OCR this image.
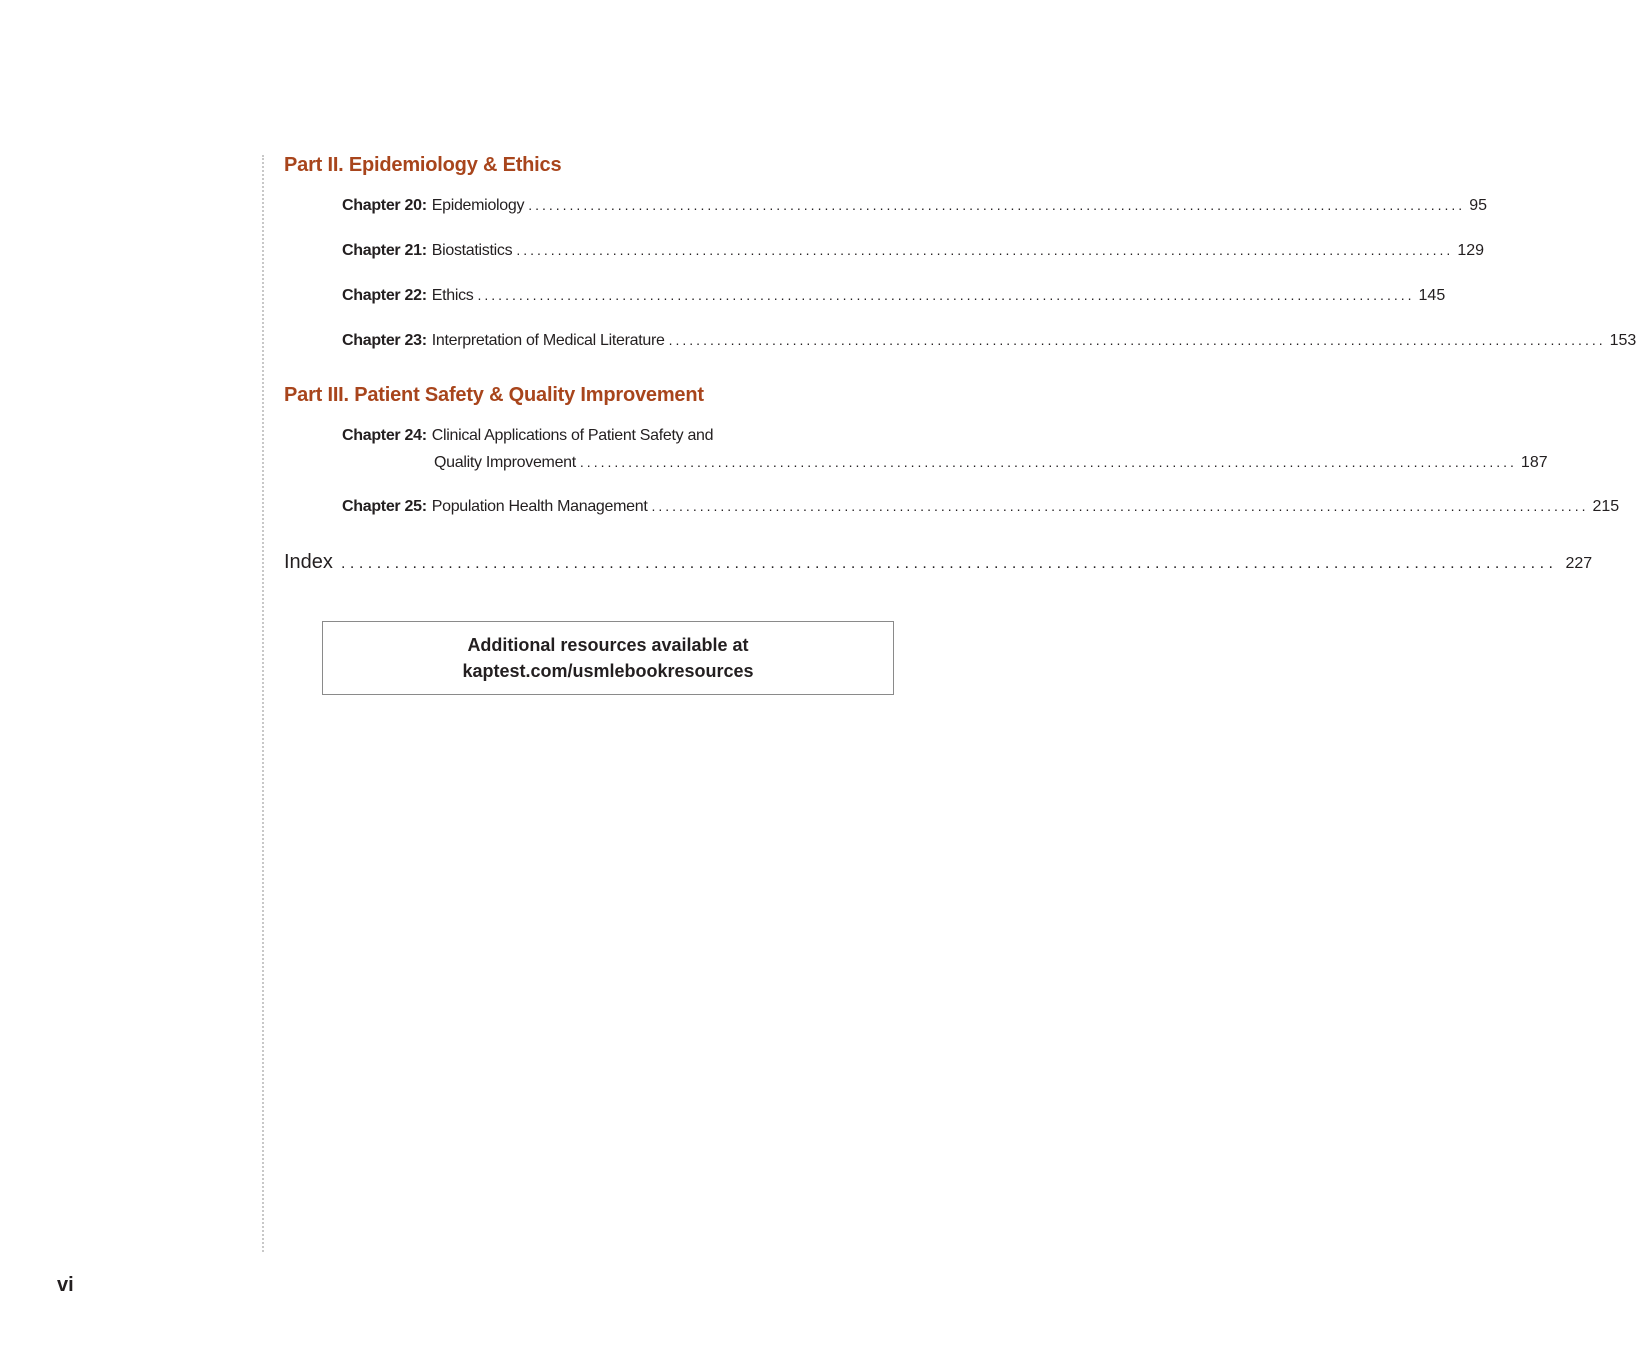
Part II. Epidemiology & Ethics
Chapter 20: Epidemiology ........................................................................................................................................ 95
Chapter 21: Biostatistics ........................................................................................................................................ 129
Chapter 22: Ethics ........................................................................................................................................ 145
Chapter 23: Interpretation of Medical Literature ........................................................................................................................................ 153
Part III. Patient Safety & Quality Improvement
Chapter 24: Clinical Applications of Patient Safety and
Quality Improvement ........................................................................................................................................ 187
Chapter 25: Population Health Management ........................................................................................................................................ 215
Index ........................................................................................................................................ 227
Additional resources available at
kaptest.com/usmlebookresources
vi
